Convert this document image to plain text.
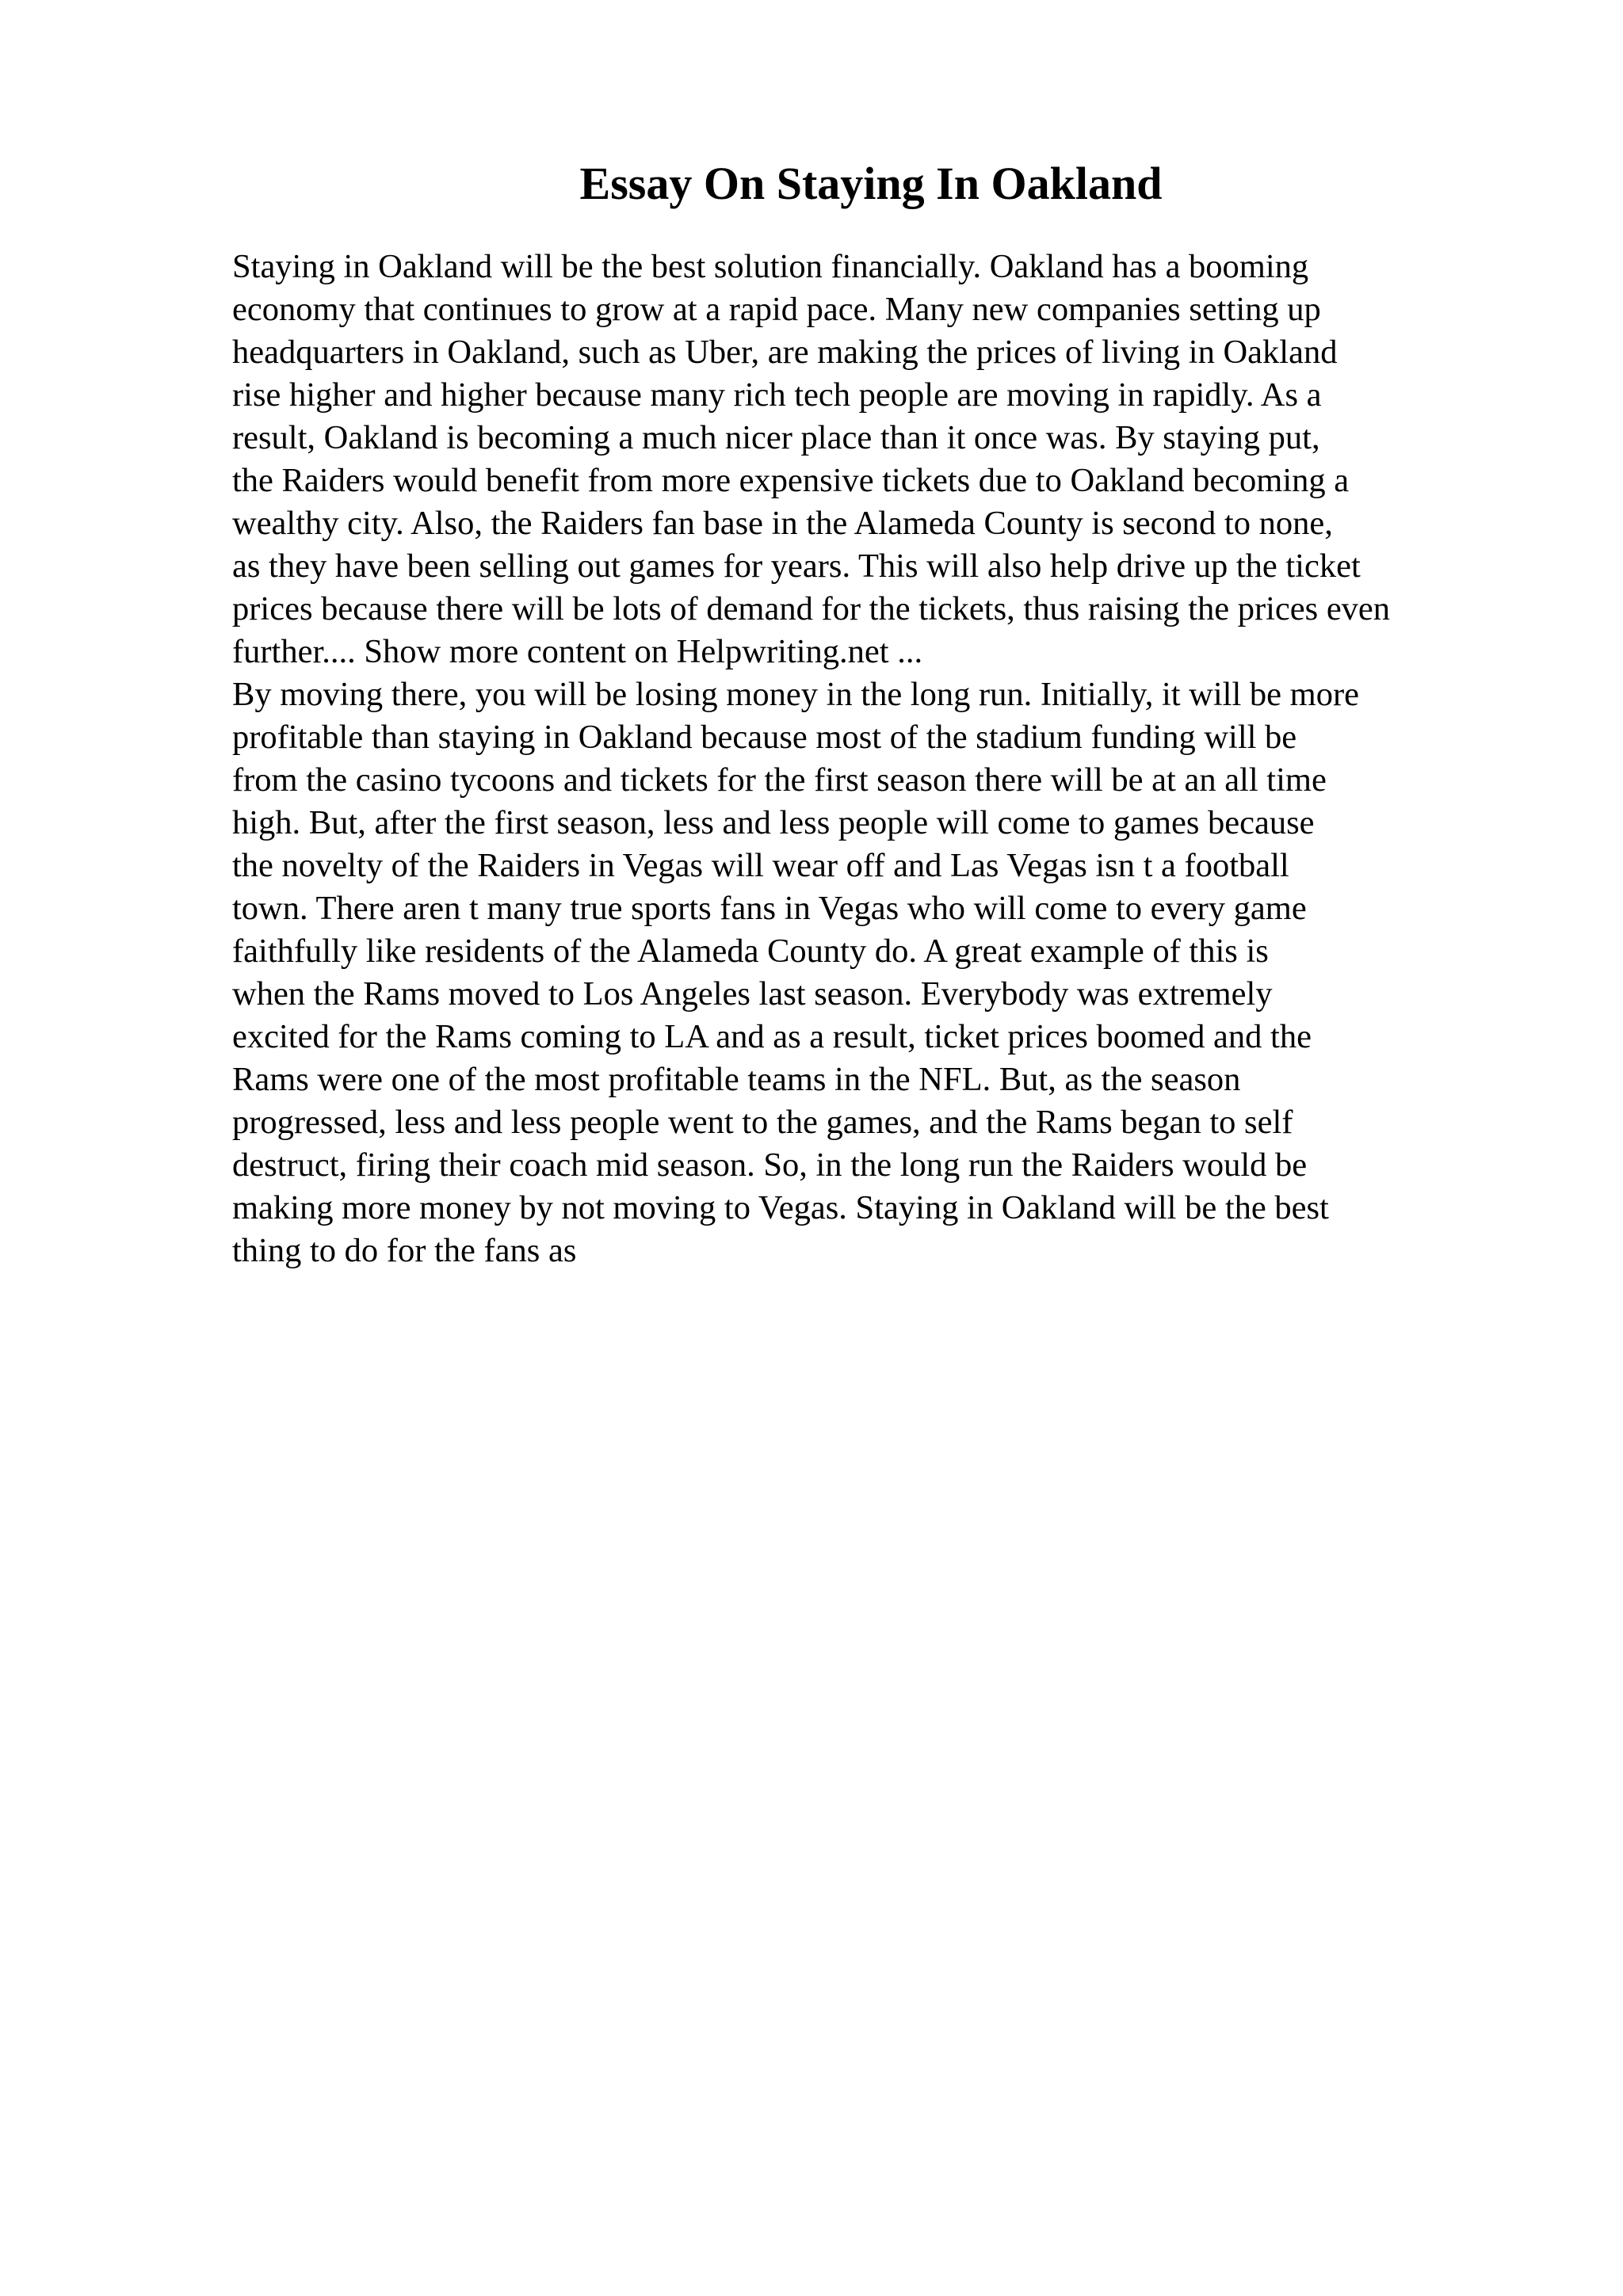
Essay On Staying In Oakland
Staying in Oakland will be the best solution financially. Oakland has a booming
economy that continues to grow at a rapid pace. Many new companies setting up
headquarters in Oakland, such as Uber, are making the prices of living in Oakland
rise higher and higher because many rich tech people are moving in rapidly. As a
result, Oakland is becoming a much nicer place than it once was. By staying put,
the Raiders would benefit from more expensive tickets due to Oakland becoming a
wealthy city. Also, the Raiders fan base in the Alameda County is second to none,
as they have been selling out games for years. This will also help drive up the ticket
prices because there will be lots of demand for the tickets, thus raising the prices even
further.... Show more content on Helpwriting.net ...
By moving there, you will be losing money in the long run. Initially, it will be more
profitable than staying in Oakland because most of the stadium funding will be
from the casino tycoons and tickets for the first season there will be at an all time
high. But, after the first season, less and less people will come to games because
the novelty of the Raiders in Vegas will wear off and Las Vegas isn t a football
town. There aren t many true sports fans in Vegas who will come to every game
faithfully like residents of the Alameda County do. A great example of this is
when the Rams moved to Los Angeles last season. Everybody was extremely
excited for the Rams coming to LA and as a result, ticket prices boomed and the
Rams were one of the most profitable teams in the NFL. But, as the season
progressed, less and less people went to the games, and the Rams began to self
destruct, firing their coach mid season. So, in the long run the Raiders would be
making more money by not moving to Vegas. Staying in Oakland will be the best
thing to do for the fans as
